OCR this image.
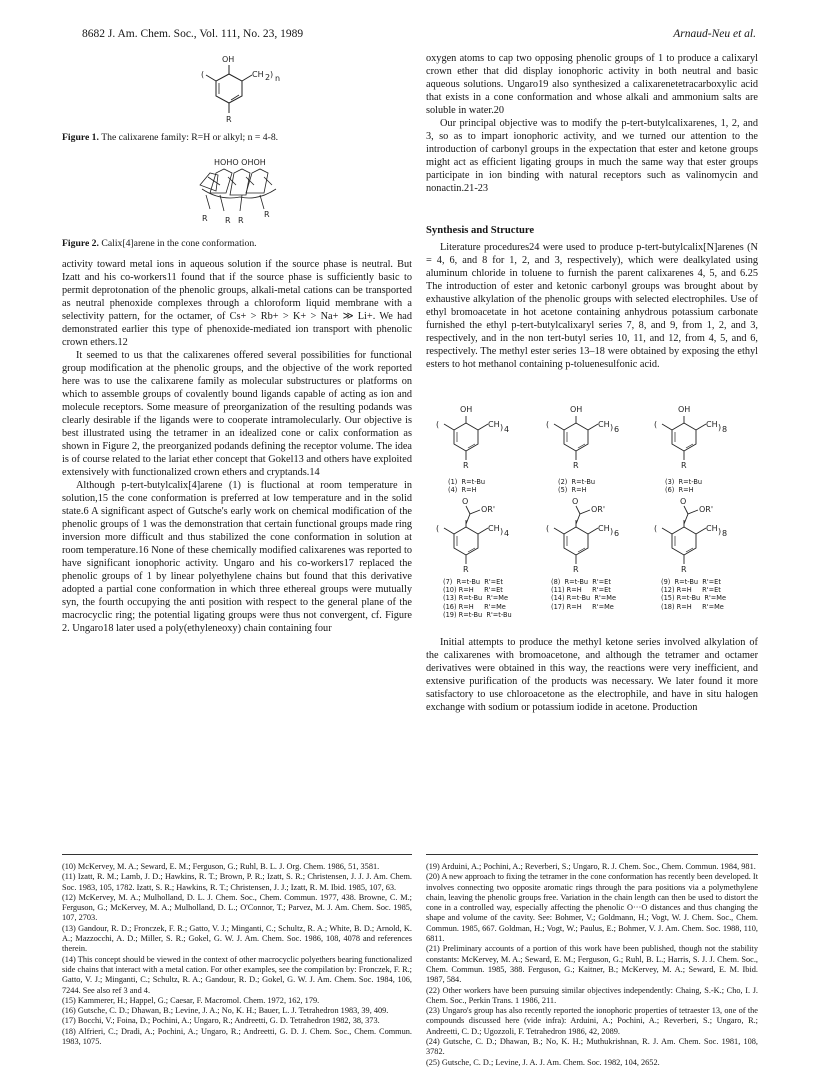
8682 J. Am. Chem. Soc., Vol. 111, No. 23, 1989	Arnaud-Neu et al.
OH
(	CH 2 ) n
R
Figure 1. The calixarene family: R=H or alkyl; n = 4-8.
HOHO OHOH
R R R
R
Figure 2. Calix[4]arene in the cone conformation.

activity toward metal ions in aqueous solution if the source phase is neutral. But Izatt and his co-workers11 found that if the source phase is sufficiently basic to permit deprotonation of the phenolic groups, alkali-metal cations can be transported as neutral phenoxide complexes through a chloroform liquid membrane with a selectivity pattern, for the octamer, of Cs+ > Rb+ > K+ > Na+ ≫ Li+. We had demonstrated earlier this type of phenoxide-mediated ion transport with phenolic crown ethers.12

It seemed to us that the calixarenes offered several possibilities for functional group modification at the phenolic groups, and the objective of the work reported here was to use the calixarene family as molecular substructures or platforms on which to assemble groups of covalently bound ligands capable of acting as ion and molecule receptors. Some measure of preorganization of the resulting podands was clearly desirable if the ligands were to cooperate intramolecularly. Our objective is best illustrated using the tetramer in an idealized cone or calix conformation as shown in Figure 2, the preorganized podands defining the receptor volume. The idea is of course related to the lariat ether concept that Gokel13 and others have exploited extensively with functionalized crown ethers and cryptands.14

Although p-tert-butylcalix[4]arene (1) is fluctional at room temperature in solution,15 the cone conformation is preferred at low temperature and in the solid state.6 A significant aspect of Gutsche's early work on chemical modification of the phenolic groups of 1 was the demonstration that certain functional groups made ring inversion more difficult and thus stabilized the cone conformation in solution at room temperature.16 None of these chemically modified calixarenes was reported to have significant ionophoric activity. Ungaro and his co-workers17 replaced the phenolic groups of 1 by linear polyethylene chains but found that this derivative adopted a partial cone conformation in which three ethereal groups were mutually syn, the fourth occupying the anti position with respect to the general plane of the macrocyclic ring; the potential ligating groups were thus not convergent, cf. Figure 2. Ungaro18 later used a poly(ethyleneoxy) chain containing four

oxygen atoms to cap two opposing phenolic groups of 1 to produce a calixaryl crown ether that did display ionophoric activity in both neutral and basic aqueous solutions. Ungaro19 also synthesized a calixarenetetracarboxylic acid that exists in a cone conformation and whose alkali and ammonium salts are soluble in water.20

Our principal objective was to modify the p-tert-butylcalixarenes, 1, 2, and 3, so as to impart ionophoric activity, and we turned our attention to the introduction of carbonyl groups in the expectation that ester and ketone groups might act as efficient ligating groups in much the same way that ester groups participate in ion binding with natural receptors such as valinomycin and nonactin.21-23

Synthesis and Structure

Literature procedures24 were used to produce p-tert-butylcalix[N]arenes (N = 4, 6, and 8 for 1, 2, and 3, respectively), which were dealkylated using aluminum chloride in toluene to furnish the parent calixarenes 4, 5, and 6.25 The introduction of ester and ketonic carbonyl groups was brought about by exhaustive alkylation of the phenolic groups with selected electrophiles. Use of ethyl bromoacetate in hot acetone containing anhydrous potassium carbonate furnished the ethyl p-tert-butylcalixaryl series 7, 8, and 9, from 1, 2, and 3, respectively, and in the non tert-butyl series 10, 11, and 12, from 4, 5, and 6, respectively. The methyl ester series 13–18 were obtained by exposing the ethyl esters to hot methanol containing p-toluenesulfonic acid.

OH
(	CH ) 4
R
OH
(	CH ) 6
R
OH
(	CH ) 8
R
O
OR'
(	CH ) 4
R
O
OR'
(	CH ) 6
R
O
OR'
(	CH ) 8
R
(1)  R=t-Bu
(4)  R=H
(2)  R=t-Bu
(5)  R=H
(3)  R=t-Bu
(6)  R=H
(7)  R=t-Bu  R'=Et
(10) R=H     R'=Et
(13) R=t-Bu  R'=Me
(16) R=H     R'=Me
(19) R=t-Bu  R'=t-Bu
(8)  R=t-Bu  R'=Et
(11) R=H     R'=Et
(14) R=t-Bu  R'=Me
(17) R=H     R'=Me
(9)  R=t-Bu  R'=Et
(12) R=H     R'=Et
(15) R=t-Bu  R'=Me
(18) R=H     R'=Me

Initial attempts to produce the methyl ketone series involved alkylation of the calixarenes with bromoacetone, and although the tetramer and octamer derivatives were obtained in this way, the reactions were very inefficient, and extensive purification of the products was necessary. We later found it more satisfactory to use chloroacetone as the electrophile, and have in situ halogen exchange with sodium or potassium iodide in acetone. Production

(10) McKervey, M. A.; Seward, E. M.; Ferguson, G.; Ruhl, B. L. J. Org. Chem. 1986, 51, 3581.

(11) Izatt, R. M.; Lamb, J. D.; Hawkins, R. T.; Brown, P. R.; Izatt, S. R.; Christensen, J. J. J. Am. Chem. Soc. 1983, 105, 1782. Izatt, S. R.; Hawkins, R. T.; Christensen, J. J.; Izatt, R. M. Ibid. 1985, 107, 63.

(12) McKervey, M. A.; Mulholland, D. L. J. Chem. Soc., Chem. Commun. 1977, 438. Browne, C. M.; Ferguson, G.; McKervey, M. A.; Mulholland, D. L.; O'Connor, T.; Parvez, M. J. Am. Chem. Soc. 1985, 107, 2703.

(13) Gandour, R. D.; Fronczek, F. R.; Gatto, V. J.; Minganti, C.; Schultz, R. A.; White, B. D.; Arnold, K. A.; Mazzocchi, A. D.; Miller, S. R.; Gokel, G. W. J. Am. Chem. Soc. 1986, 108, 4078 and references therein.

(14) This concept should be viewed in the context of other macrocyclic polyethers bearing functionalized side chains that interact with a metal cation. For other examples, see the compilation by: Fronczek, F. R.; Gatto, V. J.; Minganti, C.; Schultz, R. A.; Gandour, R. D.; Gokel, G. W. J. Am. Chem. Soc. 1984, 106, 7244. See also ref 3 and 4.

(15) Kammerer, H.; Happel, G.; Caesar, F. Macromol. Chem. 1972, 162, 179.

(16) Gutsche, C. D.; Dhawan, B.; Levine, J. A.; No, K. H.; Bauer, L. J. Tetrahedron 1983, 39, 409.

(17) Bocchi, V.; Foina, D.; Pochini, A.; Ungaro, R.; Andreetti, G. D. Tetrahedron 1982, 38, 373.

(18) Alfrieri, C.; Dradi, A.; Pochini, A.; Ungaro, R.; Andreetti, G. D. J. Chem. Soc., Chem. Commun. 1983, 1075.

(19) Arduini, A.; Pochini, A.; Reverberi, S.; Ungaro, R. J. Chem. Soc., Chem. Commun. 1984, 981.

(20) A new approach to fixing the tetramer in the cone conformation has recently been developed. It involves connecting two opposite aromatic rings through the para positions via a polymethylene chain, leaving the phenolic groups free. Variation in the chain length can then be used to distort the cone in a controlled way, especially affecting the phenolic O···O distances and thus changing the shape and volume of the cavity. See: Bohmer, V.; Goldmann, H.; Vogt, W. J. Chem. Soc., Chem. Commun. 1985, 667. Goldman, H.; Vogt, W.; Paulus, E.; Bohmer, V. J. Am. Chem. Soc. 1988, 110, 6811.

(21) Preliminary accounts of a portion of this work have been published, though not the stability constants: McKervey, M. A.; Seward, E. M.; Ferguson, G.; Ruhl, B. L.; Harris, S. J. J. Chem. Soc., Chem. Commun. 1985, 388. Ferguson, G.; Kaitner, B.; McKervey, M. A.; Seward, E. M. Ibid. 1987, 584.

(22) Other workers have been pursuing similar objectives independently: Chaing, S.-K.; Cho, I. J. Chem. Soc., Perkin Trans. 1 1986, 211.

(23) Ungaro's group has also recently reported the ionophoric properties of tetraester 13, one of the compounds discussed here (vide infra): Arduini, A.; Pochini, A.; Reverberi, S.; Ungaro, R.; Andreetti, C. D.; Ugozzoli, F. Tetrahedron 1986, 42, 2089.

(24) Gutsche, C. D.; Dhawan, B.; No, K. H.; Muthukrishnan, R. J. Am. Chem. Soc. 1981, 108, 3782.

(25) Gutsche, C. D.; Levine, J. A. J. Am. Chem. Soc. 1982, 104, 2652.
